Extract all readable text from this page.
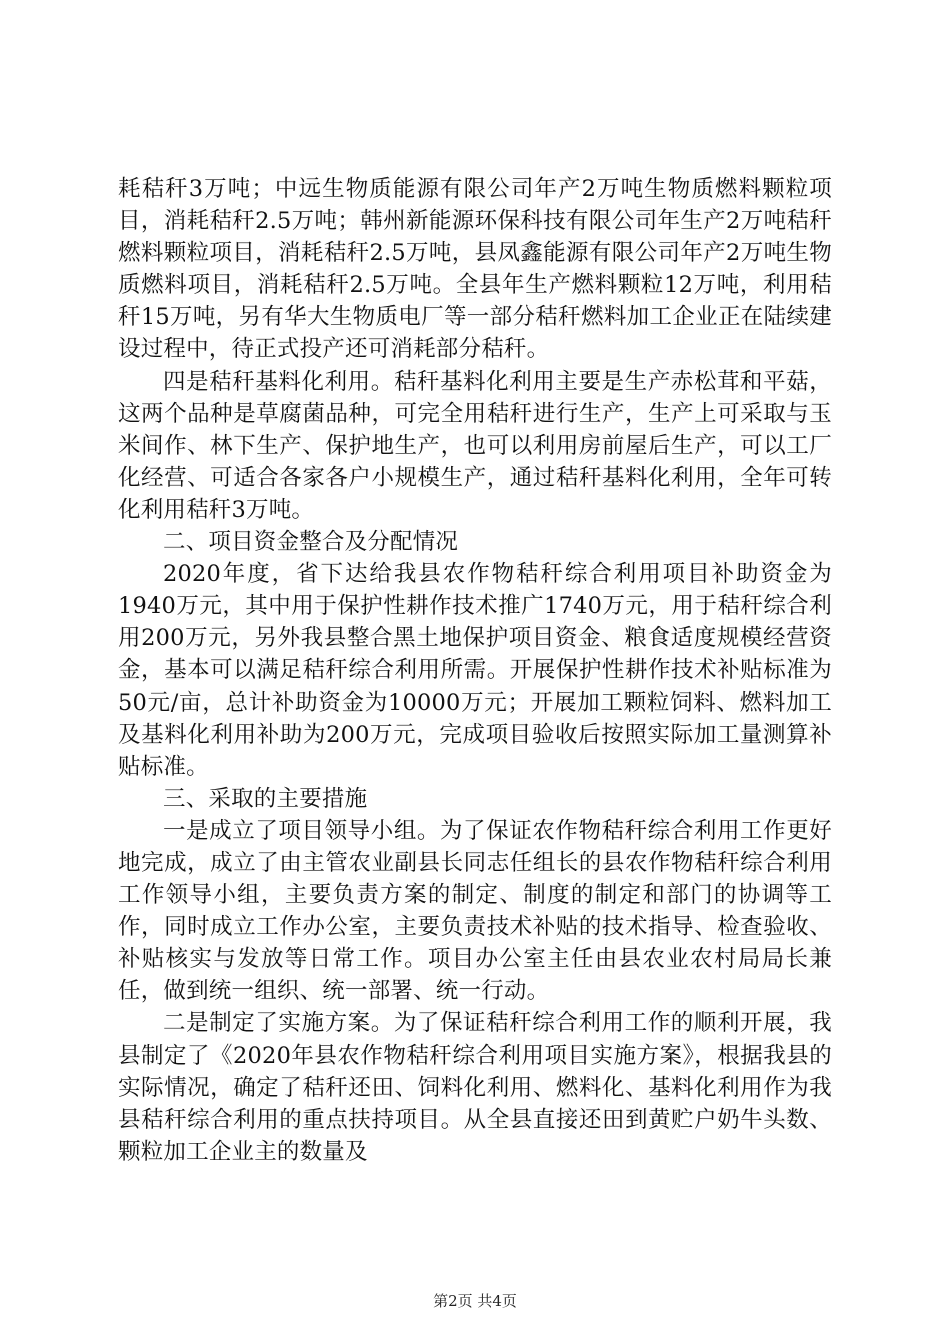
耗秸秆3万吨；中远生物质能源有限公司年产2万吨生物质燃料颗粒项目，消耗秸秆2.5万吨；韩州新能源环保科技有限公司年生产2万吨秸秆燃料颗粒项目，消耗秸秆2.5万吨，县凤鑫能源有限公司年产2万吨生物质燃料项目，消耗秸秆2.5万吨。全县年生产燃料颗粒12万吨，利用秸秆15万吨，另有华大生物质电厂等一部分秸秆燃料加工企业正在陆续建设过程中，待正式投产还可消耗部分秸秆。

四是秸秆基料化利用。秸秆基料化利用主要是生产赤松茸和平菇，这两个品种是草腐菌品种，可完全用秸秆进行生产，生产上可采取与玉米间作、林下生产、保护地生产，也可以利用房前屋后生产，可以工厂化经营、可适合各家各户小规模生产，通过秸秆基料化利用，全年可转化利用秸秆3万吨。

二、项目资金整合及分配情况

2020年度，省下达给我县农作物秸秆综合利用项目补助资金为1940万元，其中用于保护性耕作技术推广1740万元，用于秸秆综合利用200万元，另外我县整合黑土地保护项目资金、粮食适度规模经营资金，基本可以满足秸秆综合利用所需。开展保护性耕作技术补贴标准为50元/亩，总计补助资金为10000万元；开展加工颗粒饲料、燃料加工及基料化利用补助为200万元，完成项目验收后按照实际加工量测算补贴标准。

三、采取的主要措施

一是成立了项目领导小组。为了保证农作物秸秆综合利用工作更好地完成，成立了由主管农业副县长同志任组长的县农作物秸秆综合利用工作领导小组，主要负责方案的制定、制度的制定和部门的协调等工作，同时成立工作办公室，主要负责技术补贴的技术指导、检查验收、补贴核实与发放等日常工作。项目办公室主任由县农业农村局局长兼任，做到统一组织、统一部署、统一行动。

二是制定了实施方案。为了保证秸秆综合利用工作的顺利开展，我县制定了《2020年县农作物秸秆综合利用项目实施方案》，根据我县的实际情况，确定了秸秆还田、饲料化利用、燃料化、基料化利用作为我县秸秆综合利用的重点扶持项目。从全县直接还田到黄贮户奶牛头数、颗粒加工企业主的数量及

第2页 共4页
